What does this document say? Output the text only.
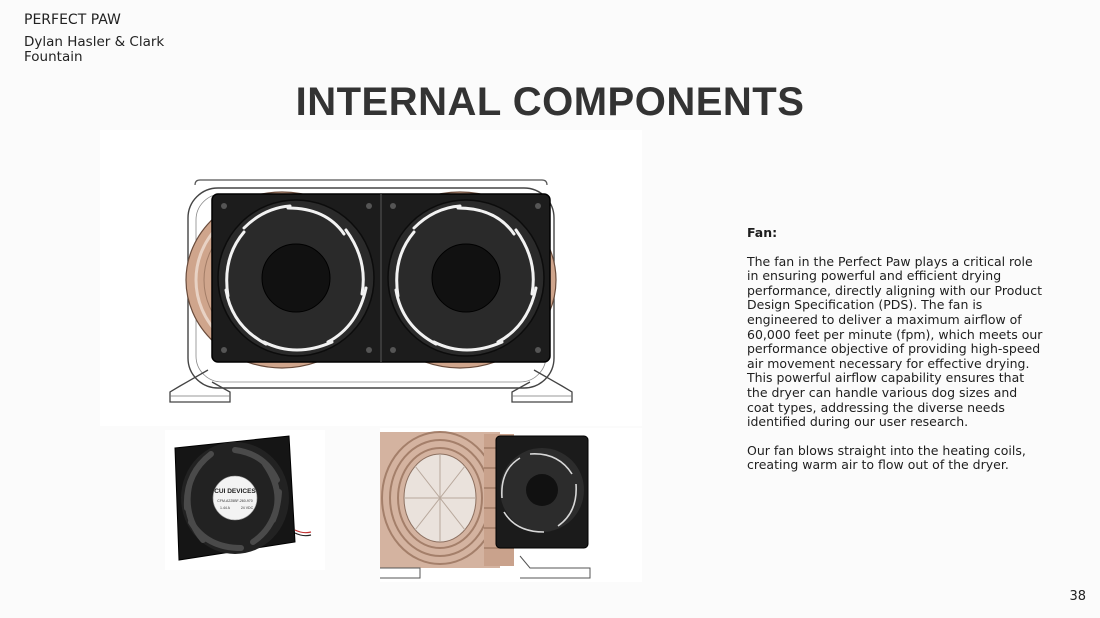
PERFECT PAW
Dylan Hasler & Clark Fountain
INTERNAL COMPONENTS
CUI DEVICES
CFM-A225BF-260-970
1.44 A	24 VDC
Fan:

The fan in the Perfect Paw plays a critical role in ensuring powerful and efficient drying performance, directly aligning with our Product Design Specification (PDS). The fan is engineered to deliver a maximum airflow of 60,000 feet per minute (fpm), which meets our performance objective of providing high-speed air movement necessary for effective drying. This powerful airflow capability ensures that the dryer can handle various dog sizes and coat types, addressing the diverse needs identified during our user research.

Our fan blows straight into the heating coils, creating warm air to flow out of the dryer.

38
